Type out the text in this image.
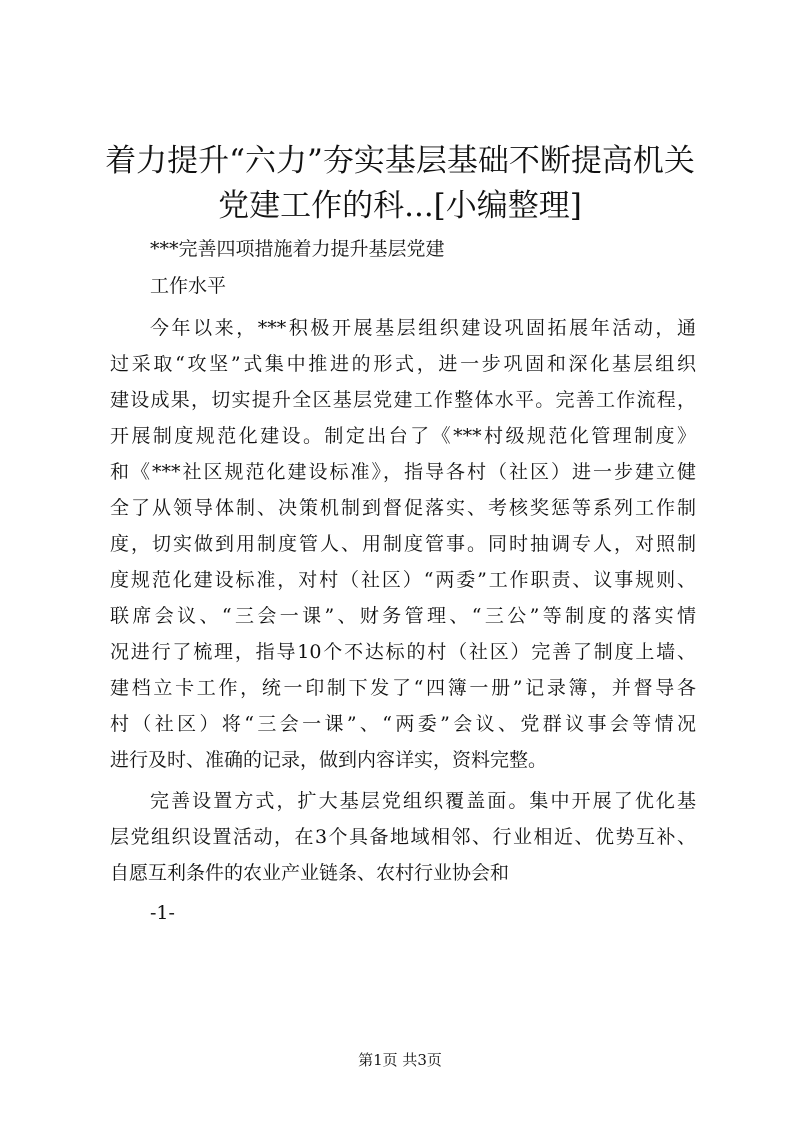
着力提升“六力”夯实基层基础不断提高机关
党建工作的科...[小编整理]
***完善四项措施着力提升基层党建
工作水平
今年以来，***积极开展基层组织建设巩固拓展年活动，通
过采取“攻坚”式集中推进的形式，进一步巩固和深化基层组织
建设成果，切实提升全区基层党建工作整体水平。完善工作流程，
开展制度规范化建设。制定出台了《***村级规范化管理制度》
和《***社区规范化建设标准》，指导各村（社区）进一步建立健
全了从领导体制、决策机制到督促落实、考核奖惩等系列工作制
度，切实做到用制度管人、用制度管事。同时抽调专人，对照制
度规范化建设标准，对村（社区）“两委”工作职责、议事规则、
联席会议、“三会一课”、财务管理、“三公”等制度的落实情
况进行了梳理，指导10个不达标的村（社区）完善了制度上墙、
建档立卡工作，统一印制下发了“四簿一册”记录簿，并督导各
村（社区）将“三会一课”、“两委”会议、党群议事会等情况
进行及时、准确的记录，做到内容详实，资料完整。
完善设置方式，扩大基层党组织覆盖面。集中开展了优化基
层党组织设置活动，在3个具备地域相邻、行业相近、优势互补、
自愿互利条件的农业产业链条、农村行业协会和
-1-
第1页 共3页
